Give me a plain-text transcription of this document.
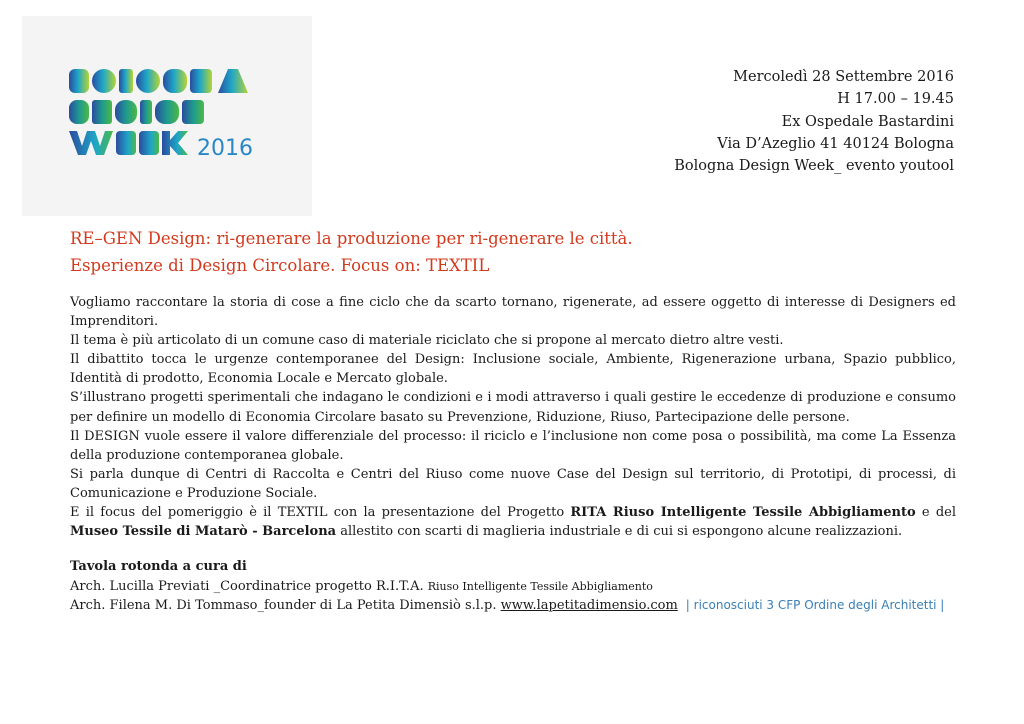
2016
Mercoledì 28 Settembre 2016
H 17.00 – 19.45
Ex Ospedale Bastardini
Via D’Azeglio 41 40124 Bologna
Bologna Design Week_ evento youtool
RE–GEN Design: ri-generare la produzione per ri-generare le città.
Esperienze di Design Circolare. Focus on: TEXTIL

Vogliamo raccontare la storia di cose a fine ciclo che da scarto tornano, rigenerate, ad essere oggetto di interesse di Designers ed Imprenditori.

Il tema è più articolato di un comune caso di materiale riciclato che si propone al mercato dietro altre vesti.

Il dibattito tocca le urgenze contemporanee del Design: Inclusione sociale, Ambiente, Rigenerazione urbana, Spazio pubblico, Identità di prodotto, Economia Locale e Mercato globale.

S’illustrano progetti sperimentali che indagano le condizioni e i modi attraverso i quali gestire le eccedenze di produzione e consumo per definire un modello di Economia Circolare basato su Prevenzione, Riduzione, Riuso, Partecipazione delle persone.

Il DESIGN vuole essere il valore differenziale del processo: il riciclo e l’inclusione non come posa o possibilità, ma come La Essenza della produzione contemporanea globale.

Si parla dunque di Centri di Raccolta e Centri del Riuso come nuove Case del Design sul territorio, di Prototipi, di processi, di Comunicazione e Produzione Sociale.

E il focus del pomeriggio è il TEXTIL con la presentazione del Progetto RITA Riuso Intelligente Tessile Abbigliamento e del Museo Tessile di Matarò - Barcelona allestito con scarti di maglieria industriale e di cui si espongono alcune realizzazioni.

Tavola rotonda a cura di
Arch. Lucilla Previati _Coordinatrice progetto R.I.T.A. Riuso Intelligente Tessile Abbigliamento
Arch. Filena M. Di Tommaso_founder di La Petita Dimensiò s.l.p. www.lapetitadimensio.com | riconosciuti 3 CFP Ordine degli Architetti |
